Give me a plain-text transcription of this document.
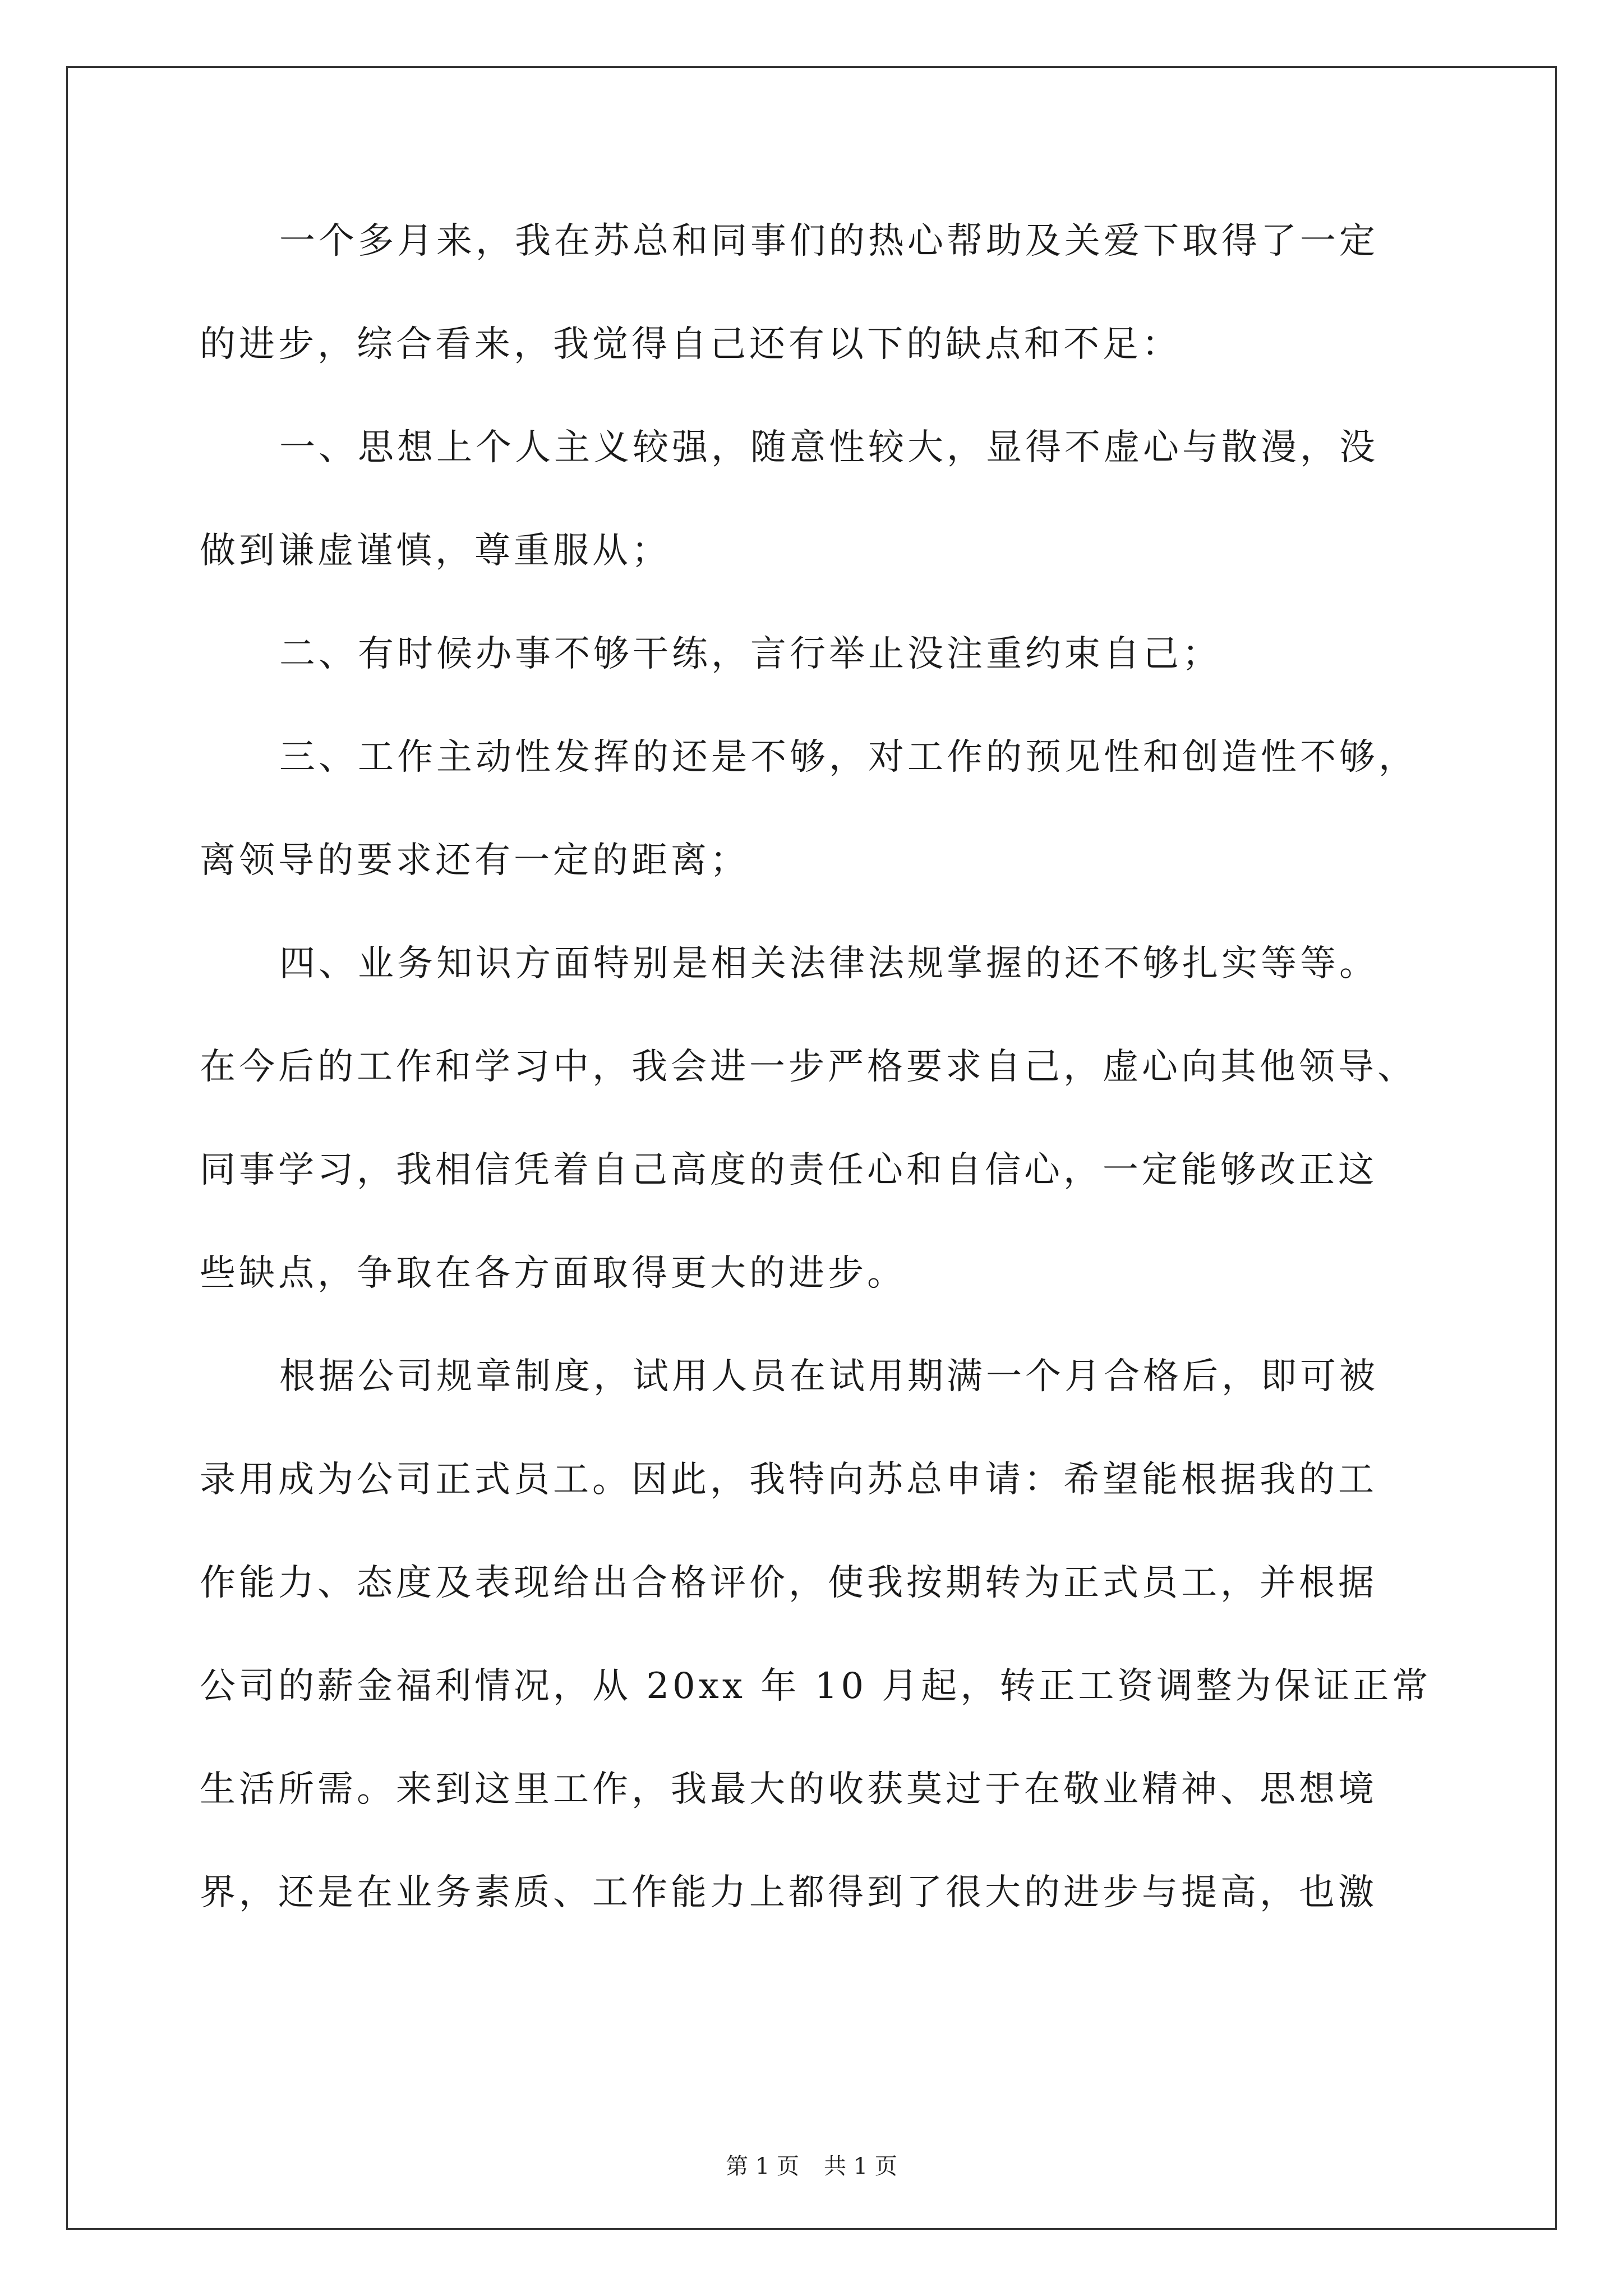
一个多月来，我在苏总和同事们的热心帮助及关爱下取得了一定
的进步，综合看来，我觉得自己还有以下的缺点和不足：
一、思想上个人主义较强，随意性较大，显得不虚心与散漫，没
做到谦虚谨慎，尊重服从；
二、有时候办事不够干练，言行举止没注重约束自己；
三、工作主动性发挥的还是不够，对工作的预见性和创造性不够，
离领导的要求还有一定的距离；
四、业务知识方面特别是相关法律法规掌握的还不够扎实等等。
在今后的工作和学习中，我会进一步严格要求自己，虚心向其他领导、
同事学习，我相信凭着自己高度的责任心和自信心，一定能够改正这
些缺点，争取在各方面取得更大的进步。
根据公司规章制度，试用人员在试用期满一个月合格后，即可被
录用成为公司正式员工。因此，我特向苏总申请：希望能根据我的工
作能力、态度及表现给出合格评价，使我按期转为正式员工，并根据
公司的薪金福利情况，从 20xx 年 10 月起，转正工资调整为保证正常
生活所需。来到这里工作，我最大的收获莫过于在敬业精神、思想境
界，还是在业务素质、工作能力上都得到了很大的进步与提高，也激
第 1 页 共 1 页
